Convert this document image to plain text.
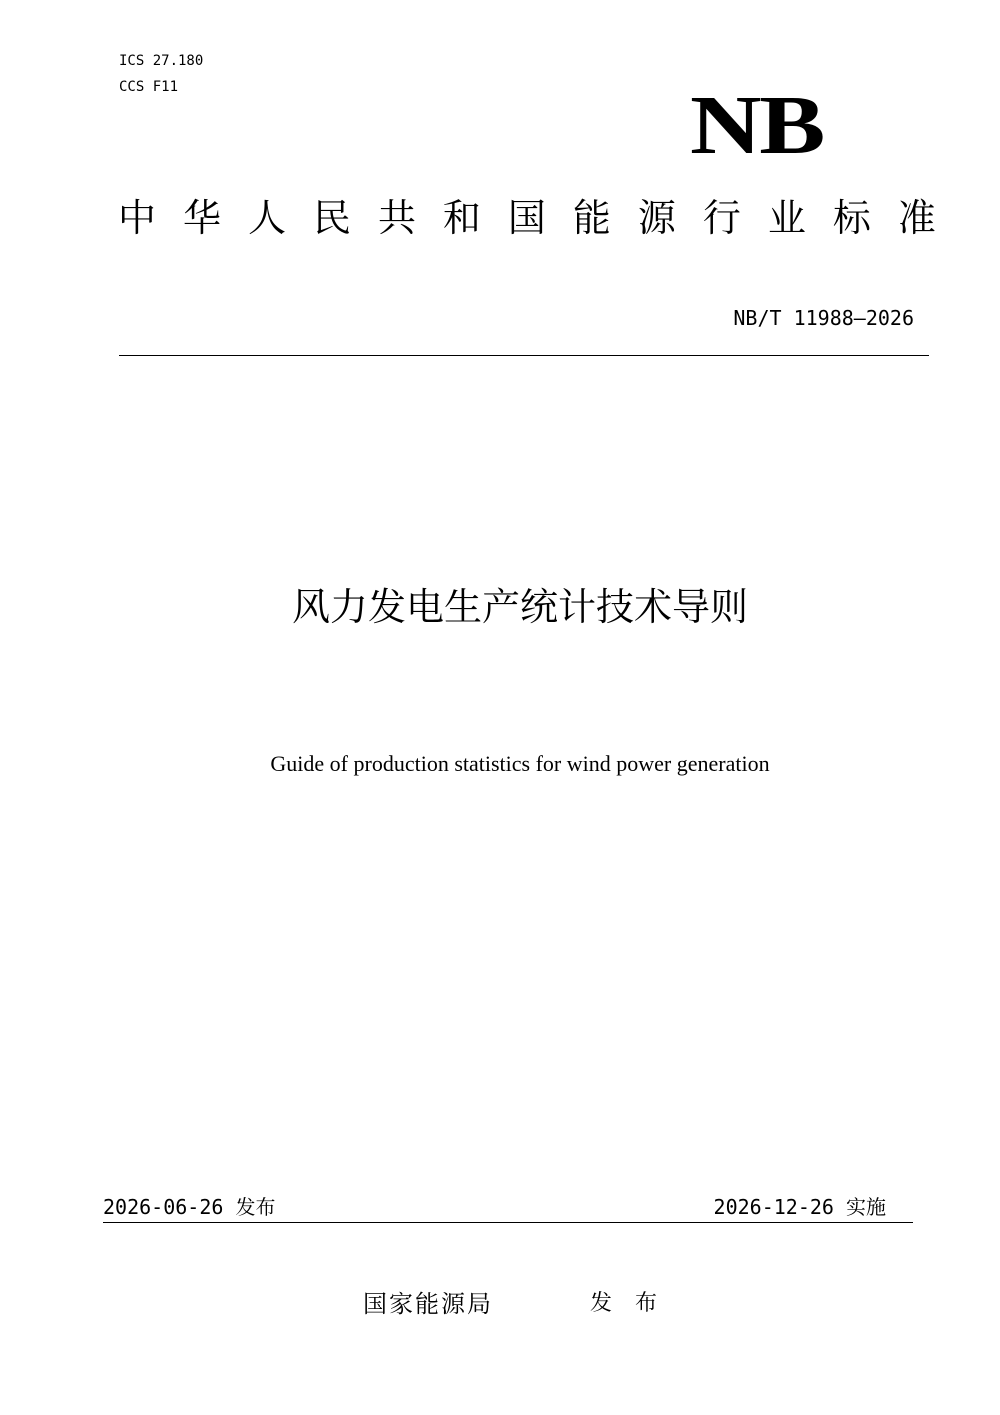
ICS 27.180
CCS F11	NB
中 华 人 民 共 和 国 能 源 行 业 标 准
NB/T 11988—2026
风力发电生产统计技术导则
Guide of production statistics for wind power generation
2026-06-26 发布	2026-12-26 实施
国家能源局	发 布
